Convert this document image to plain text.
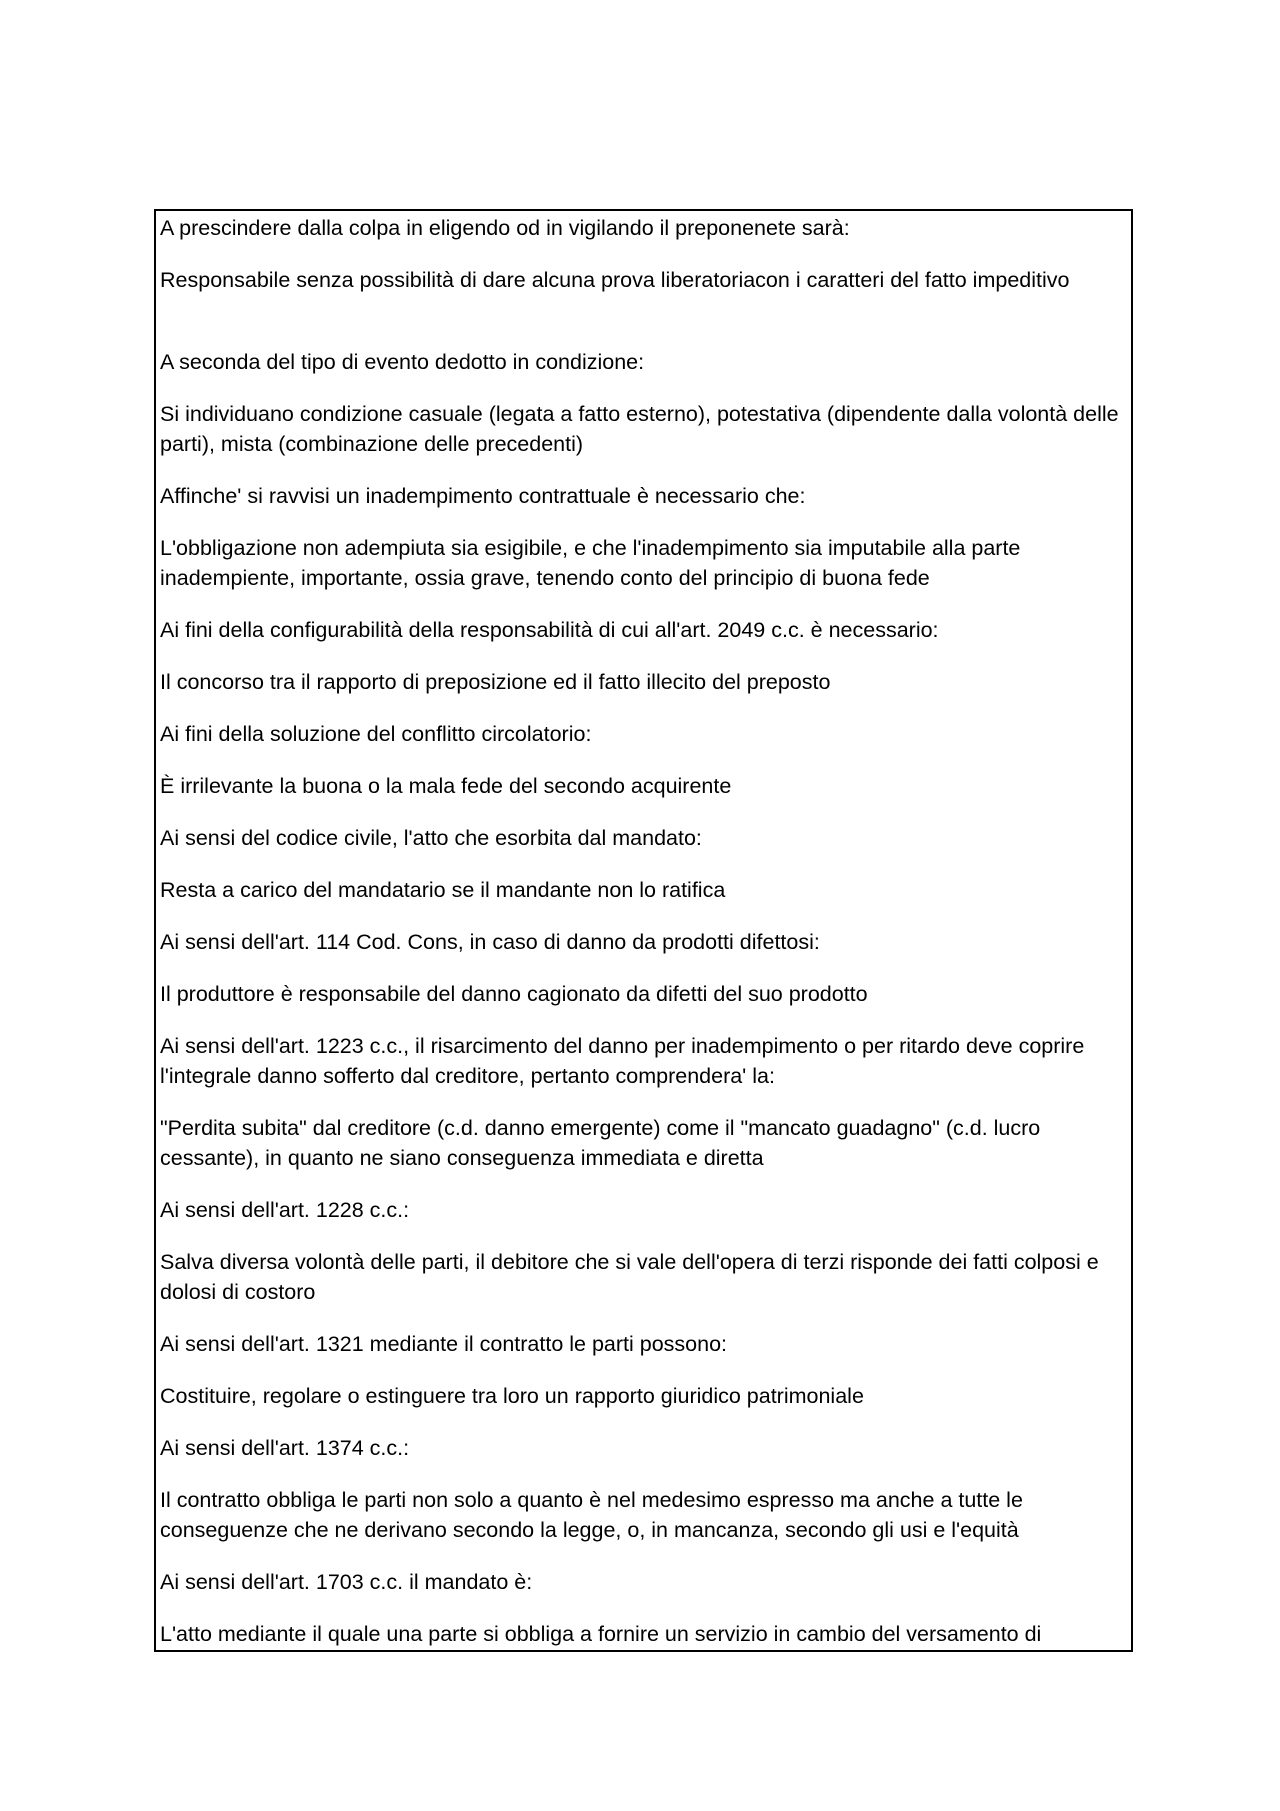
A prescindere dalla colpa in eligendo od in vigilando il preponenete sarà:

Responsabile senza possibilità di dare alcuna prova liberatoriacon i caratteri del fatto impeditivo

A seconda del tipo di evento dedotto in condizione:

Si individuano condizione casuale (legata a fatto esterno), potestativa (dipendente dalla volontà delle parti), mista (combinazione delle precedenti)

Affinche' si ravvisi un inadempimento contrattuale è necessario che:

L'obbligazione non adempiuta sia esigibile, e che l'inadempimento sia imputabile alla parte inadempiente, importante, ossia grave, tenendo conto del principio di buona fede

Ai fini della configurabilità della responsabilità di cui all'art. 2049 c.c. è necessario:

Il concorso tra il rapporto di preposizione ed il fatto illecito del preposto

Ai fini della soluzione del conflitto circolatorio:

È irrilevante la buona o la mala fede del secondo acquirente

Ai sensi del codice civile, l'atto che esorbita dal mandato:

Resta a carico del mandatario se il mandante non lo ratifica

Ai sensi dell'art. 114 Cod. Cons, in caso di danno da prodotti difettosi:

Il produttore è responsabile del danno cagionato da difetti del suo prodotto

Ai sensi dell'art. 1223 c.c., il risarcimento del danno per inadempimento o per ritardo deve coprire l'integrale danno sofferto dal creditore, pertanto comprendera' la:

"Perdita subita" dal creditore (c.d. danno emergente) come il "mancato guadagno" (c.d. lucro cessante), in quanto ne siano conseguenza immediata e diretta

Ai sensi dell'art. 1228 c.c.:

Salva diversa volontà delle parti, il debitore che si vale dell'opera di terzi risponde dei fatti colposi e dolosi di costoro

Ai sensi dell'art. 1321 mediante il contratto le parti possono:

Costituire, regolare o estinguere tra loro un rapporto giuridico patrimoniale

Ai sensi dell'art. 1374 c.c.:

Il contratto obbliga le parti non solo a quanto è nel medesimo espresso ma anche a tutte le conseguenze che ne derivano secondo la legge, o, in mancanza, secondo gli usi e l'equità

Ai sensi dell'art. 1703 c.c. il mandato è:

L'atto mediante il quale una parte si obbliga a fornire un servizio in cambio del versamento di
